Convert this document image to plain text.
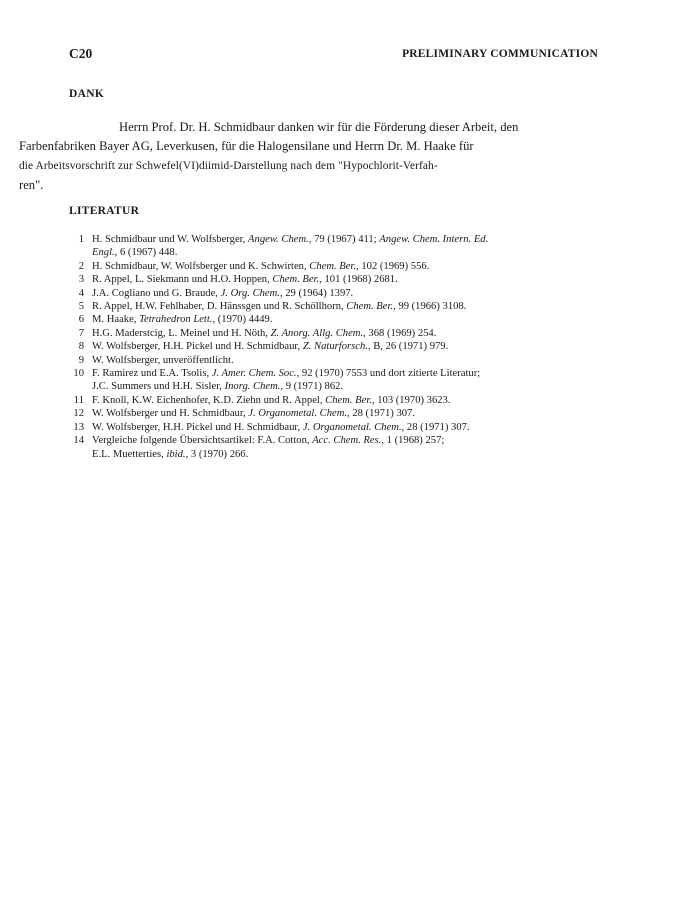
C20	PRELIMINARY COMMUNICATION
DANK

Herrn Prof. Dr. H. Schmidbaur danken wir für die Förderung dieser Arbeit, den
Farbenfabriken Bayer AG, Leverkusen, für die Halogensilane und Herrn Dr. M. Haake für
die Arbeitsvorschrift zur Schwefel(VI)diimid-Darstellung nach dem "Hypochlorit-Verfah-
ren".

LITERATUR
1 H. Schmidbaur und W. Wolfsberger, Angew. Chem., 79 (1967) 411; Angew. Chem. Intern. Ed.
Engl., 6 (1967) 448.
2 H. Schmidbaur, W. Wolfsberger und K. Schwirten, Chem. Ber., 102 (1969) 556.
3 R. Appel, L. Siekmann und H.O. Hoppen, Chem. Ber., 101 (1968) 2681.
4 J.A. Cogliano und G. Braude, J. Org. Chem., 29 (1964) 1397.
5 R. Appel, H.W. Fehlhaber, D. Hänssgen und R. Schöllhorn, Chem. Ber., 99 (1966) 3108.
6 M. Haake, Tetrahedron Lett., (1970) 4449.
7 H.G. Maderstcig, L. Meinel und H. Nöth, Z. Anorg. Allg. Chem., 368 (1969) 254.
8 W. Wolfsberger, H.H. Pickel und H. Schmidbaur, Z. Naturforsch., B, 26 (1971) 979.
9 W. Wolfsberger, unveröffentlicht.
10 F. Ramirez und E.A. Tsolis, J. Amer. Chem. Soc., 92 (1970) 7553 und dort zitierte Literatur;
J.C. Summers und H.H. Sisler, Inorg. Chem., 9 (1971) 862.
11 F. Knoll, K.W. Eichenhofer, K.D. Ziehn und R. Appel, Chem. Ber., 103 (1970) 3623.
12 W. Wolfsberger und H. Schmidbaur, J. Organometal. Chem., 28 (1971) 307.
13 W. Wolfsberger, H.H. Pickel und H. Schmidbaur, J. Organometal. Chem., 28 (1971) 307.
14 Vergleiche folgende Übersichtsartikel: F.A. Cotton, Acc. Chem. Res., 1 (1968) 257;
E.L. Muetterties, ibid., 3 (1970) 266.
